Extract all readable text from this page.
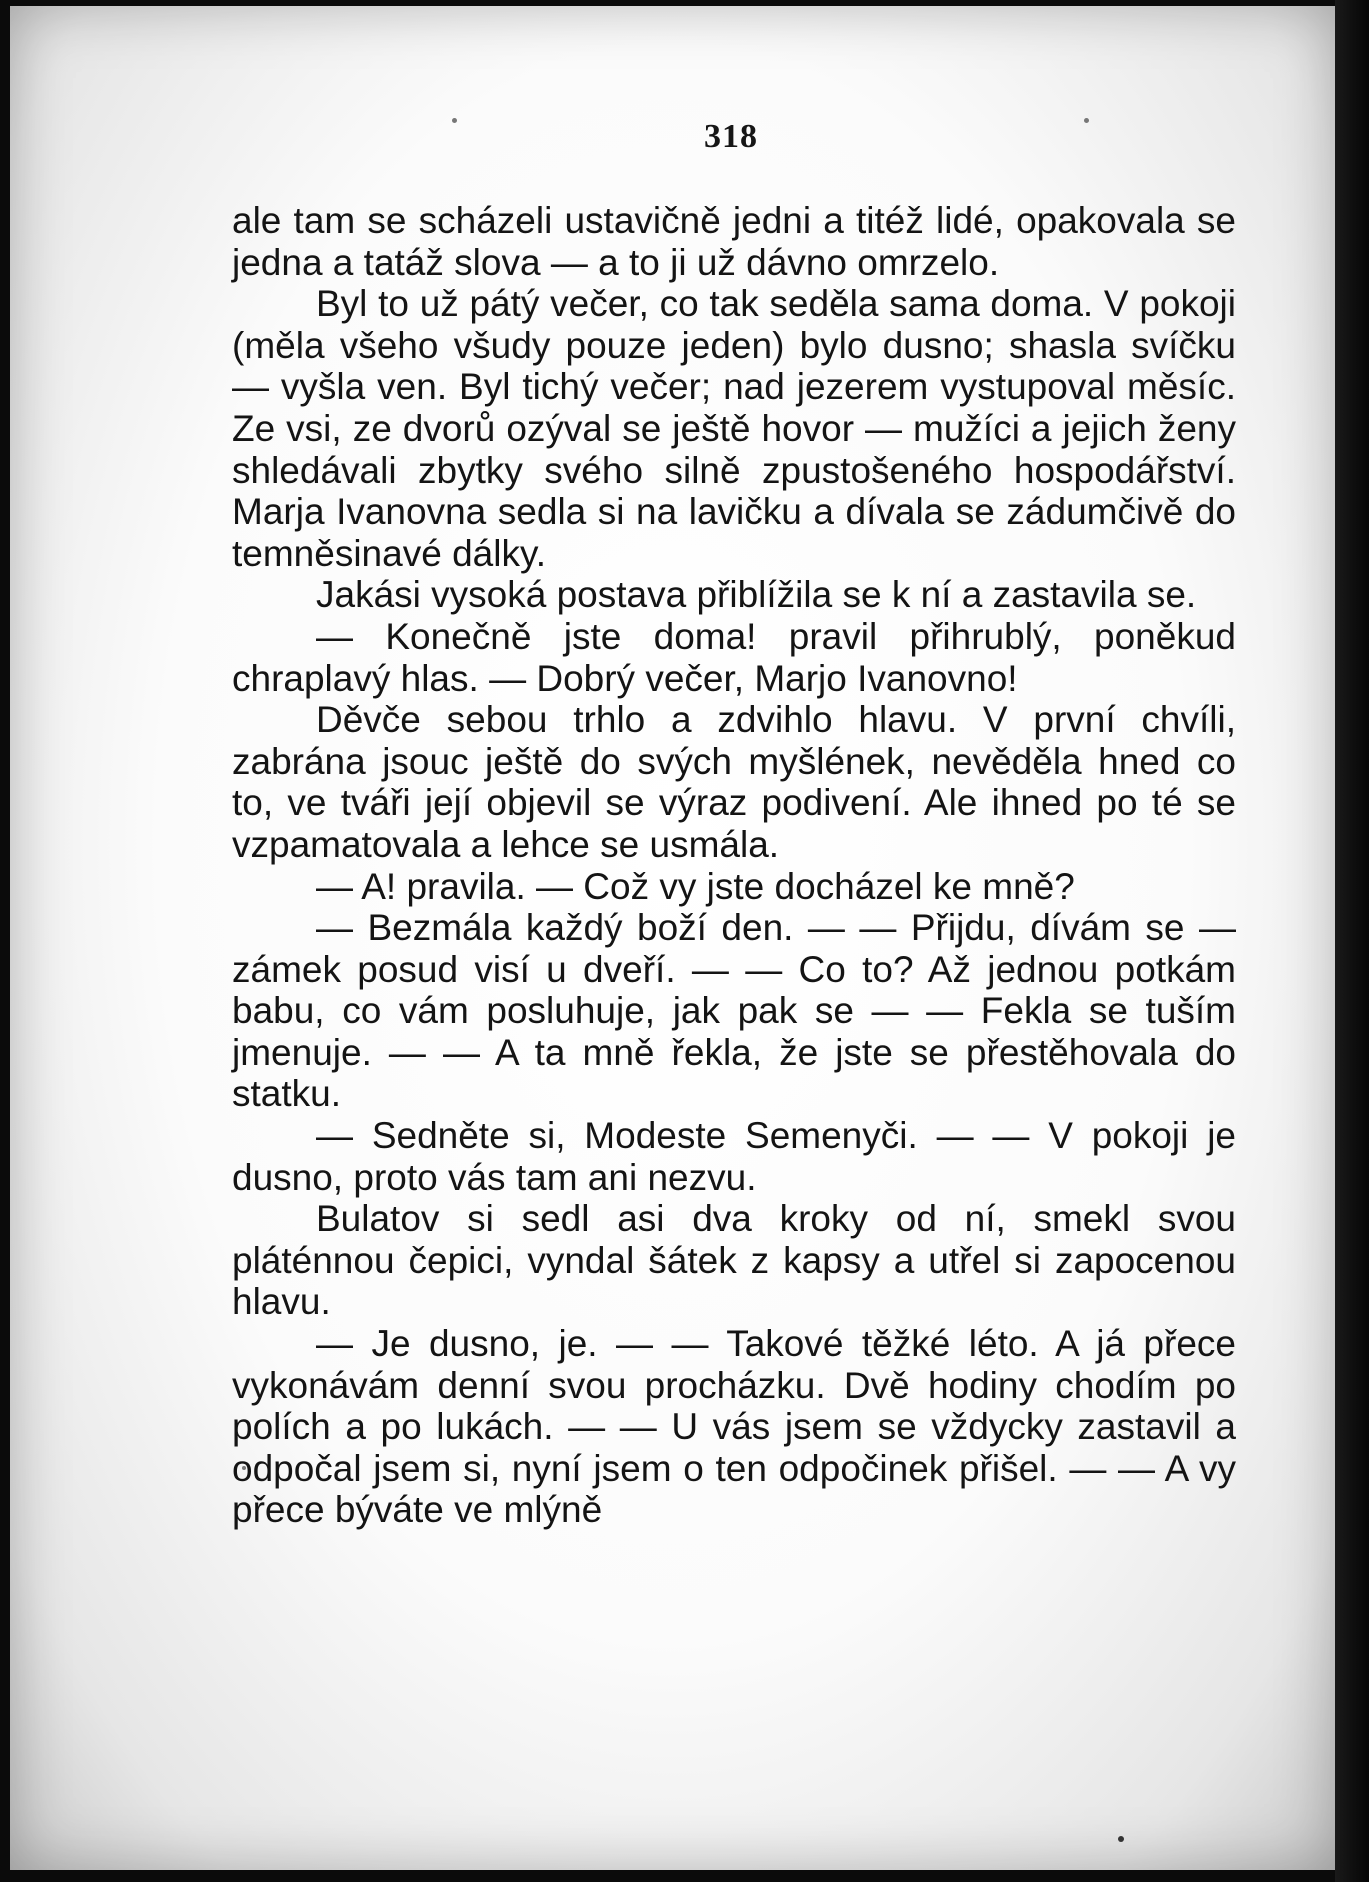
318

ale tam se scházeli ustavičně jedni a titéž lidé, opakovala se jedna a tatáž slova — a to ji už dávno omrzelo.

Byl to už pátý večer, co tak seděla sama doma. V pokoji (měla všeho všudy pouze jeden) bylo dusno; shasla svíčku — vyšla ven. Byl tichý večer; nad jezerem vystupoval měsíc. Ze vsi, ze dvorů ozýval se ještě hovor — mužíci a jejich ženy shledávali zbytky svého silně zpustošeného hospodářství. Marja Ivanovna sedla si na lavičku a dívala se zádumčivě do temněsinavé dálky.

Jakási vysoká postava přiblížila se k ní a zastavila se.

— Konečně jste doma! pravil přihrublý, poněkud chraplavý hlas. — Dobrý večer, Marjo Ivanovno!

Děvče sebou trhlo a zdvihlo hlavu. V první chvíli, zabrána jsouc ještě do svých myšlének, nevěděla hned co to, ve tváři její objevil se výraz podivení. Ale ihned po té se vzpamatovala a lehce se usmála.

— A! pravila. — Což vy jste docházel ke mně?

— Bezmála každý boží den. — — Přijdu, dívám se — zámek posud visí u dveří. — — Co to? Až jednou potkám babu, co vám posluhuje, jak pak se — — Fekla se tuším jmenuje. — — A ta mně řekla, že jste se přestěhovala do statku.

— Sedněte si, Modeste Semenyči. — — V pokoji je dusno, proto vás tam ani nezvu.

Bulatov si sedl asi dva kroky od ní, smekl svou pláténnou čepici, vyndal šátek z kapsy a utřel si zapocenou hlavu.

— Je dusno, je. — — Takové těžké léto. A já přece vykonávám denní svou procházku. Dvě hodiny chodím po polích a po lukách. — — U vás jsem se vždycky zastavil a odpočal jsem si, nyní jsem o ten odpočinek přišel. — — A vy přece býváte ve mlýně
